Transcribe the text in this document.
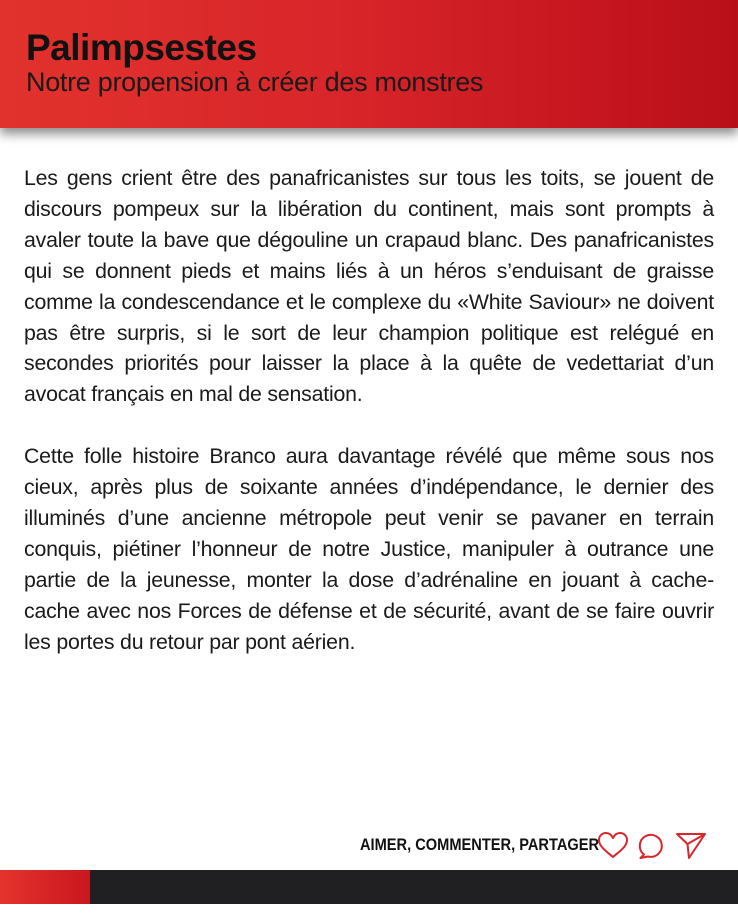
Palimpsestes
Notre propension à créer des monstres

Les gens crient être des panafricanistes sur tous les toits, se jouent de discours pompeux sur la libération du continent, mais sont prompts à avaler toute la bave que dégouline un crapaud blanc. Des panafricanistes qui se donnent pieds et mains liés à un héros s’enduisant de graisse comme la condescendance et le complexe du «White Saviour» ne doivent pas être surpris, si le sort de leur champion politique est relégué en secondes priorités pour laisser la place à la quête de vedettariat d’un avocat français en mal de sensation.

Cette folle histoire Branco aura davantage révélé que même sous nos cieux, après plus de soixante années d’indépendance, le dernier des illuminés d’une ancienne métropole peut venir se pavaner en terrain conquis, piétiner l’honneur de notre Justice, manipuler à outrance une partie de la jeunesse, monter la dose d’adrénaline en jouant à cache-cache avec nos Forces de défense et de sécurité, avant de se faire ouvrir les portes du retour par pont aérien.

AIMER, COMMENTER, PARTAGER
